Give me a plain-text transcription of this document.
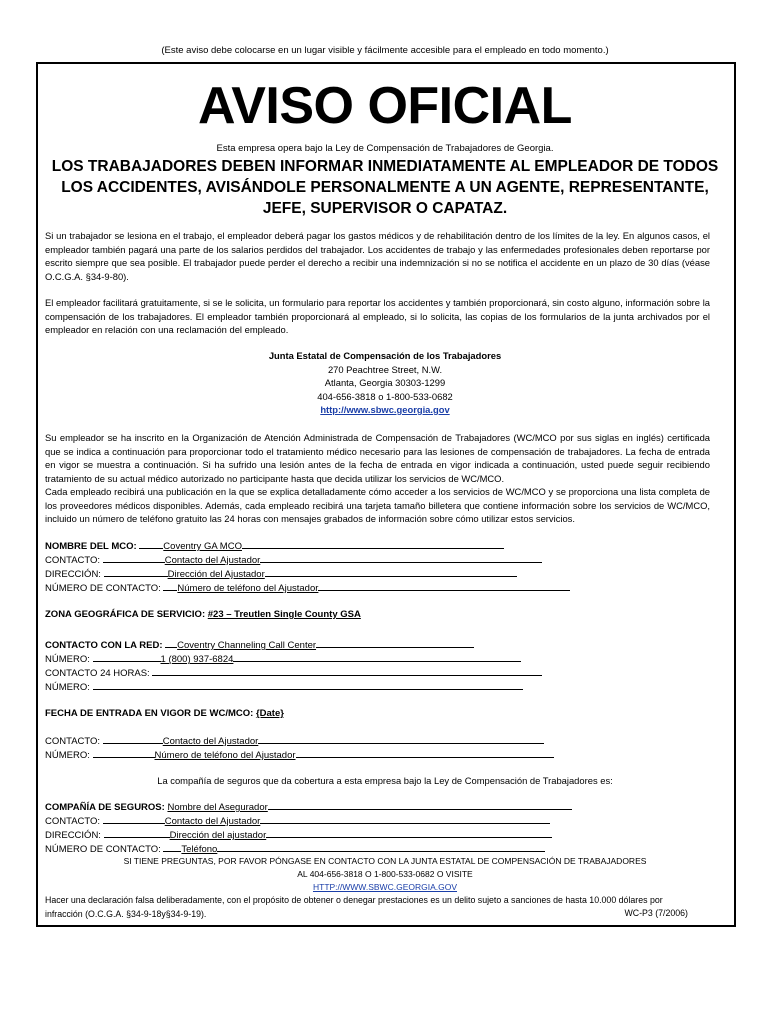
(Este aviso debe colocarse en un lugar visible y fácilmente accesible para el empleado en todo momento.)
AVISO OFICIAL
Esta empresa opera bajo la Ley de Compensación de Trabajadores de Georgia.
LOS TRABAJADORES DEBEN INFORMAR INMEDIATAMENTE AL EMPLEADOR DE TODOS LOS ACCIDENTES, AVISÁNDOLE PERSONALMENTE A UN AGENTE, REPRESENTANTE, JEFE, SUPERVISOR O CAPATAZ.
Si un trabajador se lesiona en el trabajo, el empleador deberá pagar los gastos médicos y de rehabilitación dentro de los límites de la ley. En algunos casos, el empleador también pagará una parte de los salarios perdidos del trabajador. Los accidentes de trabajo y las enfermedades profesionales deben reportarse por escrito siempre que sea posible. El trabajador puede perder el derecho a recibir una indemnización si no se notifica el accidente en un plazo de 30 días (véase O.C.G.A. §34-9-80).
El empleador facilitará gratuitamente, si se le solicita, un formulario para reportar los accidentes y también proporcionará, sin costo alguno, información sobre la compensación de los trabajadores. El empleador también proporcionará al empleado, si lo solicita, las copias de los formularios de la junta archivados por el empleador en relación con una reclamación del empleado.
Junta Estatal de Compensación de los Trabajadores
270 Peachtree Street, N.W.
Atlanta, Georgia 30303-1299
404-656-3818 o 1-800-533-0682
http://www.sbwc.georgia.gov
Su empleador se ha inscrito en la Organización de Atención Administrada de Compensación de Trabajadores (WC/MCO por sus siglas en inglés) certificada que se indica a continuación para proporcionar todo el tratamiento médico necesario para las lesiones de compensación de trabajadores. La fecha de entrada en vigor se muestra a continuación. Si ha sufrido una lesión antes de la fecha de entrada en vigor indicada a continuación, usted puede seguir recibiendo tratamiento de su actual médico autorizado no participante hasta que decida utilizar los servicios de WC/MCO.
Cada empleado recibirá una publicación en la que se explica detalladamente cómo acceder a los servicios de WC/MCO y se proporciona una lista completa de los proveedores médicos disponibles. Además, cada empleado recibirá una tarjeta tamaño billetera que contiene información sobre los servicios de WC/MCO, incluido un número de teléfono gratuito las 24 horas con mensajes grabados de información sobre cómo utilizar estos servicios.
NOMBRE DEL MCO:	Coventry GA MCO
CONTACTO:	Contacto del Ajustador
DIRECCIÓN:	Dirección del Ajustador
NÚMERO DE CONTACTO: Número de teléfono del Ajustador
ZONA GEOGRÁFICA DE SERVICIO: #23 – Treutlen Single County GSA
CONTACTO CON LA RED: Coventry Channeling Call Center
NÚMERO:	1 (800) 937-6824
CONTACTO 24 HORAS:
NÚMERO:
FECHA DE ENTRADA EN VIGOR DE WC/MCO: {Date}
CONTACTO:	Contacto del Ajustador
NÚMERO:	Número de teléfono del Ajustador
La compañía de seguros que da cobertura a esta empresa bajo la Ley de Compensación de Trabajadores es:
COMPAÑÍA DE SEGUROS: Nombre del Asegurador
CONTACTO:	Contacto del Ajustador
DIRECCIÓN:	Dirección del ajustador
NÚMERO DE CONTACTO: Teléfono
SI TIENE PREGUNTAS, POR FAVOR PÓNGASE EN CONTACTO CON LA JUNTA ESTATAL DE COMPENSACIÓN DE TRABAJADORES
AL 404-656-3818 O 1-800-533-0682 O VISITE
HTTP://WWW.SBWC.GEORGIA.GOV
Hacer una declaración falsa deliberadamente, con el propósito de obtener o denegar prestaciones es un delito sujeto a sanciones de hasta 10.000 dólares por
infracción (O.C.G.A. §34-9-18y§34-9-19).	WC-P3 (7/2006)
